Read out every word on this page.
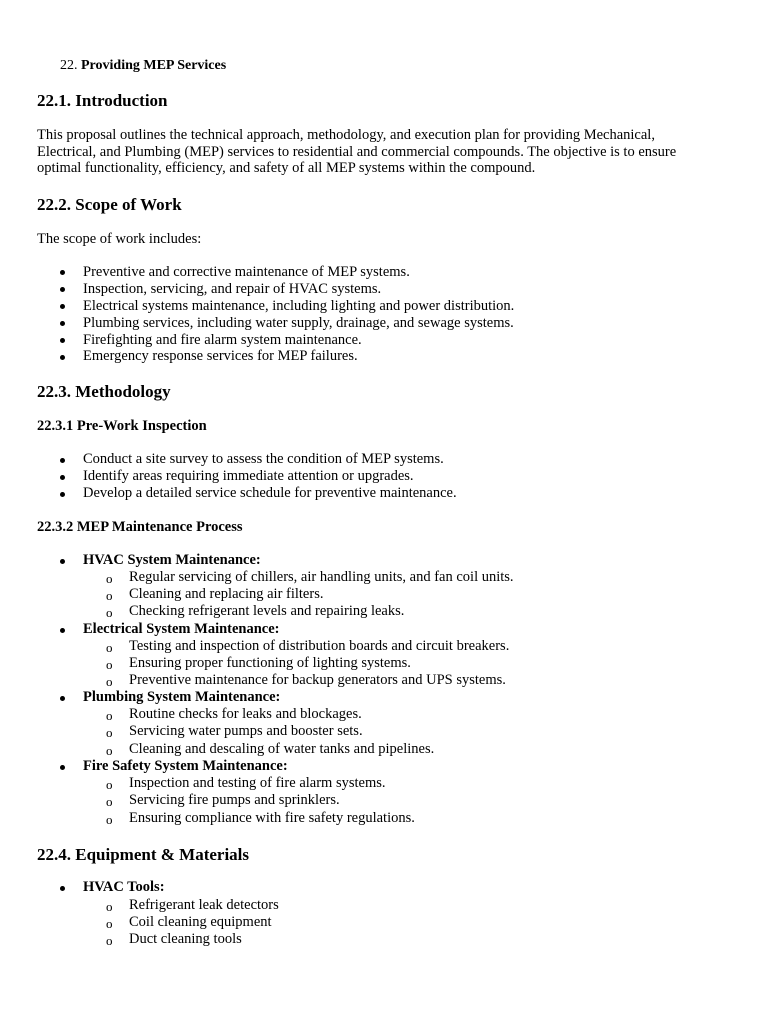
22. Providing MEP Services
22.1. Introduction
This proposal outlines the technical approach, methodology, and execution plan for providing Mechanical,
Electrical, and Plumbing (MEP) services to residential and commercial compounds. The objective is to ensure
optimal functionality, efficiency, and safety of all MEP systems within the compound.
22.2. Scope of Work
The scope of work includes:
Preventive and corrective maintenance of MEP systems.
Inspection, servicing, and repair of HVAC systems.
Electrical systems maintenance, including lighting and power distribution.
Plumbing services, including water supply, drainage, and sewage systems.
Firefighting and fire alarm system maintenance.
Emergency response services for MEP failures.
22.3. Methodology
22.3.1 Pre-Work Inspection
Conduct a site survey to assess the condition of MEP systems.
Identify areas requiring immediate attention or upgrades.
Develop a detailed service schedule for preventive maintenance.
22.3.2 MEP Maintenance Process
HVAC System Maintenance:
o Regular servicing of chillers, air handling units, and fan coil units.
o Cleaning and replacing air filters.
o Checking refrigerant levels and repairing leaks.
Electrical System Maintenance:
o Testing and inspection of distribution boards and circuit breakers.
o Ensuring proper functioning of lighting systems.
o Preventive maintenance for backup generators and UPS systems.
Plumbing System Maintenance:
o Routine checks for leaks and blockages.
o Servicing water pumps and booster sets.
o Cleaning and descaling of water tanks and pipelines.
Fire Safety System Maintenance:
o Inspection and testing of fire alarm systems.
o Servicing fire pumps and sprinklers.
o Ensuring compliance with fire safety regulations.
22.4. Equipment & Materials
HVAC Tools:
o Refrigerant leak detectors
o Coil cleaning equipment
o Duct cleaning tools
